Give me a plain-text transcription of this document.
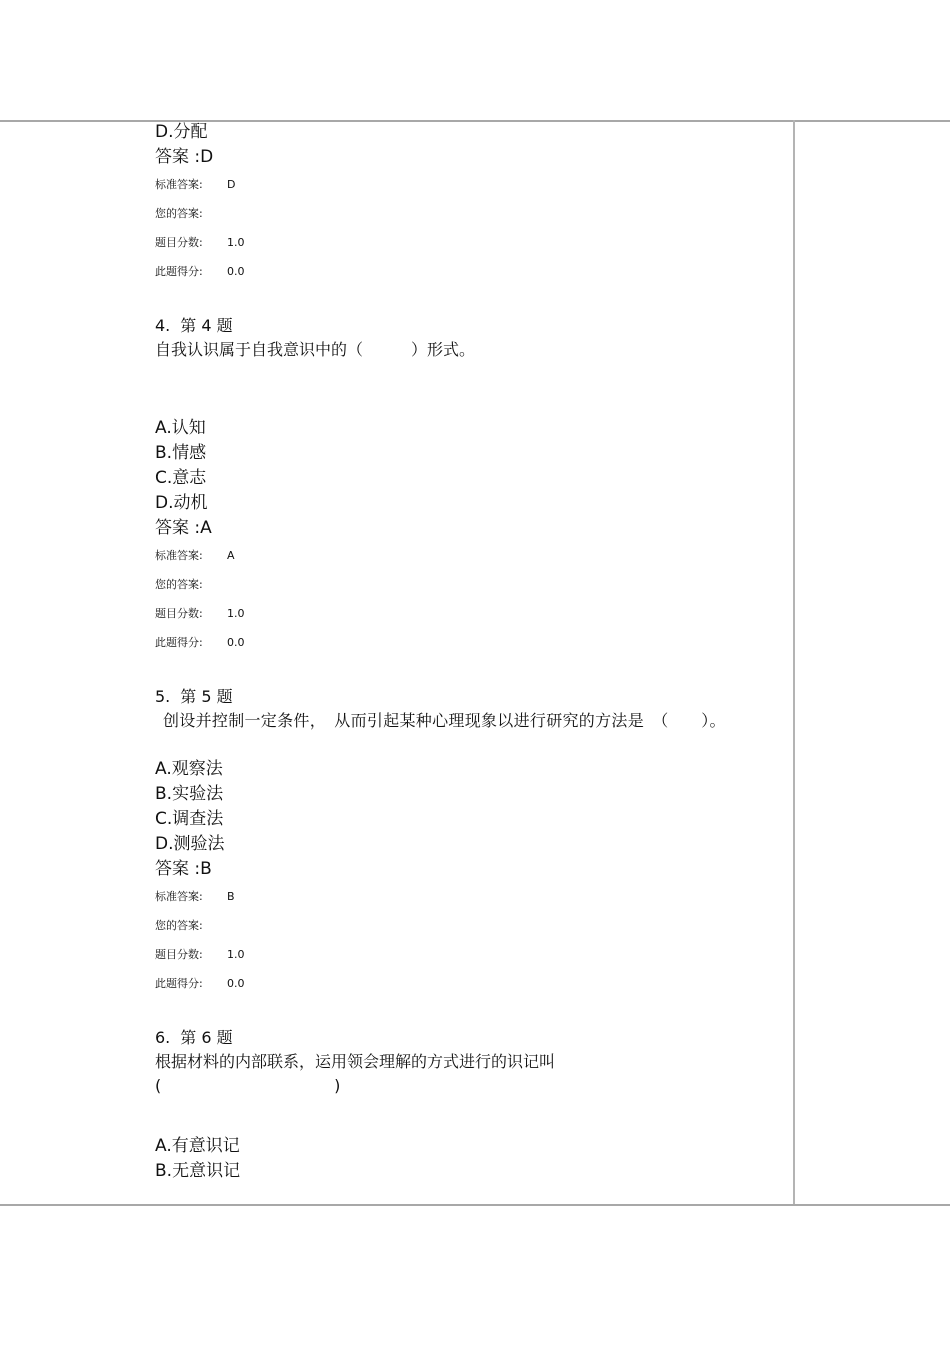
D.分配
答案 :D
标准答案: D
您的答案:
题目分数: 1.0
此题得分: 0.0
4. 第 4 题
自我认识属于自我意识中的（　　　）形式。
A.认知
B.情感
C.意志
D.动机
答案 :A
标准答案: A
您的答案:
题目分数: 1.0
此题得分: 0.0
5. 第 5 题
创设并控制一定条件，　从而引起某种心理现象以进行研究的方法是　（　　）。
A.观察法
B.实验法
C.调查法
D.测验法
答案 :B
标准答案: B
您的答案:
题目分数: 1.0
此题得分: 0.0
6. 第 6 题
根据材料的内部联系，运用领会理解的方式进行的识记叫
(                                  )
A.有意识记
B.无意识记
